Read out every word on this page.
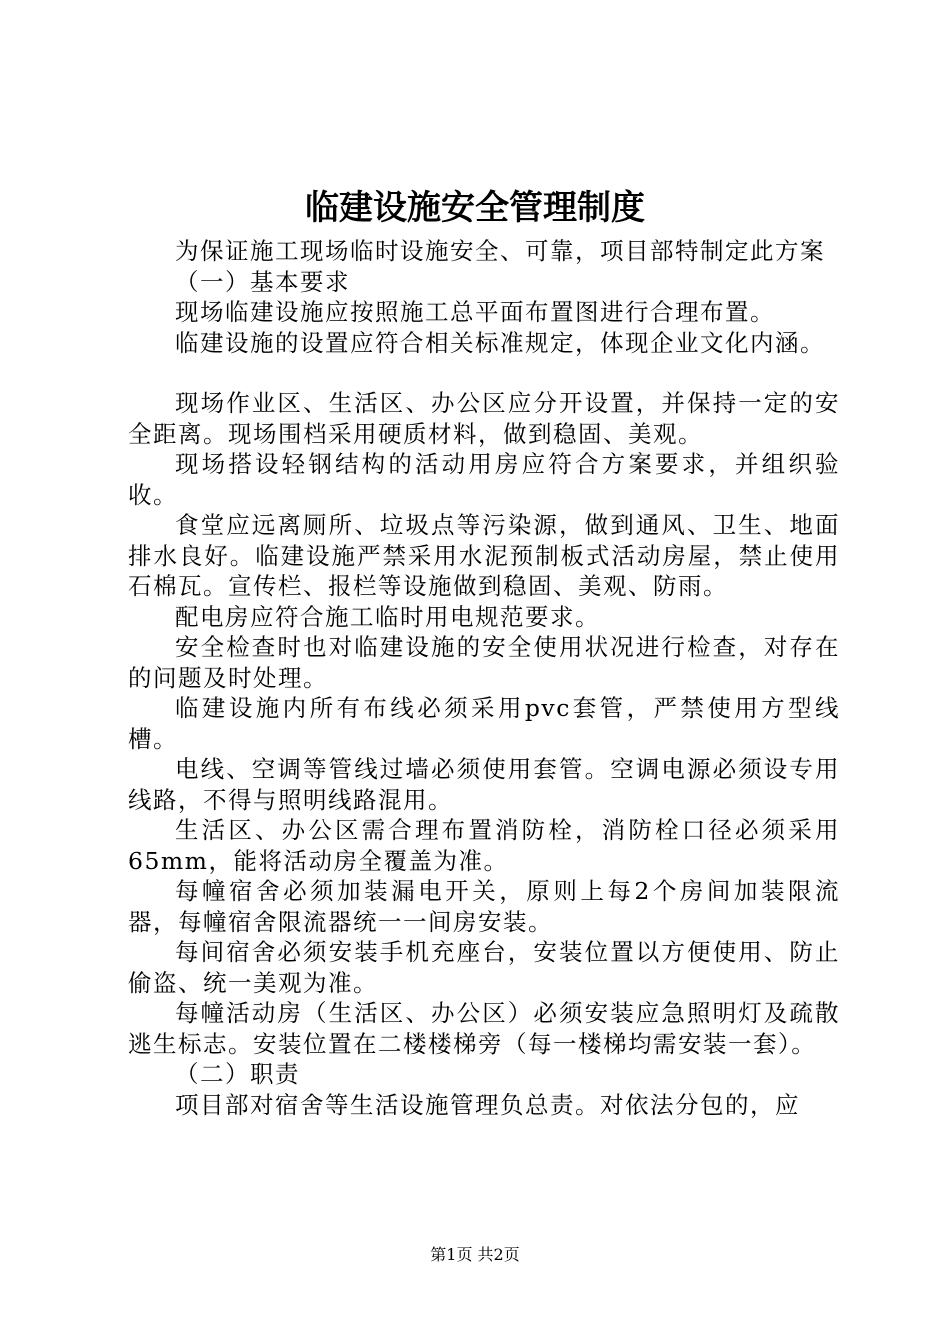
临建设施安全管理制度

为保证施工现场临时设施安全、可靠，项目部特制定此方案

（一）基本要求

现场临建设施应按照施工总平面布置图进行合理布置。

临建设施的设置应符合相关标准规定，体现企业文化内涵。

现场作业区、生活区、办公区应分开设置，并保持一定的安全距离。现场围档采用硬质材料，做到稳固、美观。

现场搭设轻钢结构的活动用房应符合方案要求，并组织验收。

食堂应远离厕所、垃圾点等污染源，做到通风、卫生、地面排水良好。临建设施严禁采用水泥预制板式活动房屋，禁止使用石棉瓦。宣传栏、报栏等设施做到稳固、美观、防雨。

配电房应符合施工临时用电规范要求。

安全检查时也对临建设施的安全使用状况进行检查，对存在的问题及时处理。

临建设施内所有布线必须采用pvc套管，严禁使用方型线槽。

电线、空调等管线过墙必须使用套管。空调电源必须设专用线路，不得与照明线路混用。

生活区、办公区需合理布置消防栓，消防栓口径必须采用65mm，能将活动房全覆盖为准。

每幢宿舍必须加装漏电开关，原则上每2个房间加装限流器，每幢宿舍限流器统一一间房安装。

每间宿舍必须安装手机充座台，安装位置以方便使用、防止偷盗、统一美观为准。

每幢活动房（生活区、办公区）必须安装应急照明灯及疏散逃生标志。安装位置在二楼楼梯旁（每一楼梯均需安装一套）。

（二）职责

项目部对宿舍等生活设施管理负总责。对依法分包的，应

第1页 共2页
